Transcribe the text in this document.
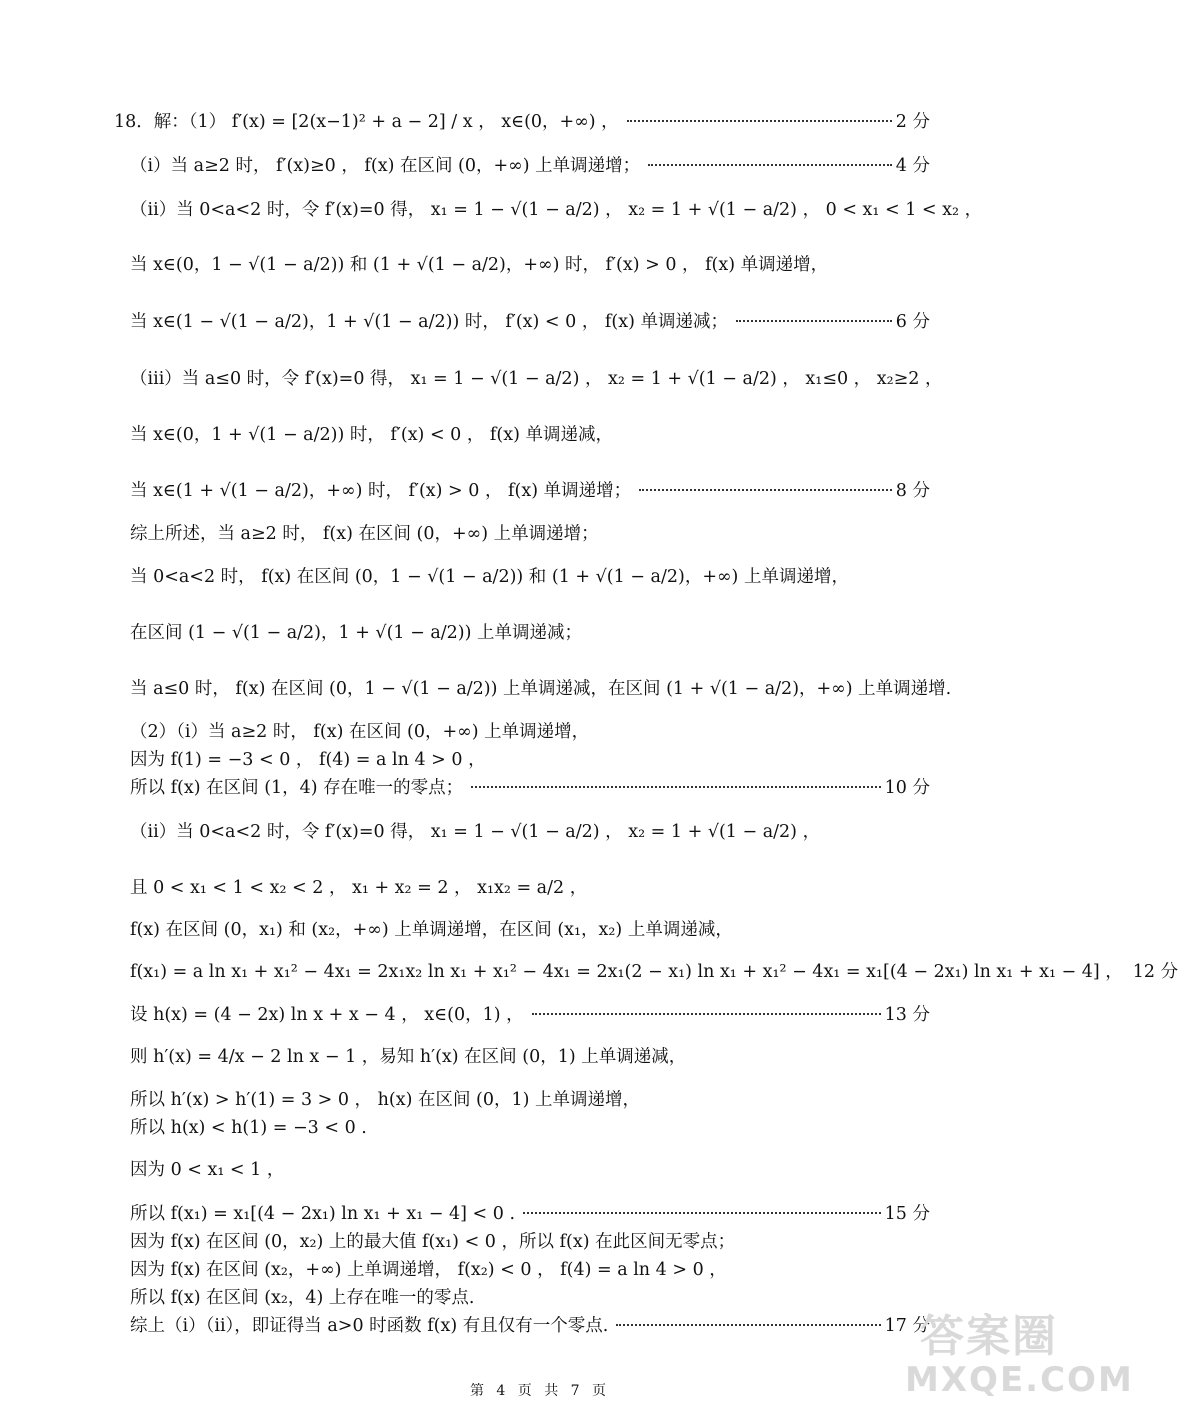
18．解：（1） f′(x) = [2(x−1)² + a − 2] / x ， x∈(0，+∞) ，	2 分
（i）当 a≥2 时， f′(x)≥0 ， f(x) 在区间 (0，+∞) 上单调递增；	4 分
（ii）当 0<a<2 时，令 f′(x)=0 得， x₁ = 1 − √(1 − a/2) ， x₂ = 1 + √(1 − a/2) ， 0 < x₁ < 1 < x₂ ，
当 x∈(0，1 − √(1 − a/2)) 和 (1 + √(1 − a/2)，+∞) 时， f′(x) > 0 ， f(x) 单调递增，
当 x∈(1 − √(1 − a/2)，1 + √(1 − a/2)) 时， f′(x) < 0 ， f(x) 单调递减；	6 分
（iii）当 a≤0 时，令 f′(x)=0 得， x₁ = 1 − √(1 − a/2) ， x₂ = 1 + √(1 − a/2) ， x₁≤0 ， x₂≥2 ，
当 x∈(0，1 + √(1 − a/2)) 时， f′(x) < 0 ， f(x) 单调递减，
当 x∈(1 + √(1 − a/2)，+∞) 时， f′(x) > 0 ， f(x) 单调递增；	8 分
综上所述，当 a≥2 时， f(x) 在区间 (0，+∞) 上单调递增；
当 0<a<2 时， f(x) 在区间 (0，1 − √(1 − a/2)) 和 (1 + √(1 − a/2)，+∞) 上单调递增，
在区间 (1 − √(1 − a/2)，1 + √(1 − a/2)) 上单调递减；
当 a≤0 时， f(x) 在区间 (0，1 − √(1 − a/2)) 上单调递减，在区间 (1 + √(1 − a/2)，+∞) 上单调递增.
（2）（i）当 a≥2 时， f(x) 在区间 (0，+∞) 上单调递增，
因为 f(1) = −3 < 0 ， f(4) = a ln 4 > 0 ，
所以 f(x) 在区间 (1，4) 存在唯一的零点；	10 分
（ii）当 0<a<2 时，令 f′(x)=0 得， x₁ = 1 − √(1 − a/2) ， x₂ = 1 + √(1 − a/2) ，
且 0 < x₁ < 1 < x₂ < 2 ， x₁ + x₂ = 2 ， x₁x₂ = a/2 ，
f(x) 在区间 (0，x₁) 和 (x₂，+∞) 上单调递增，在区间 (x₁，x₂) 上单调递减，
f(x₁) = a ln x₁ + x₁² − 4x₁ = 2x₁x₂ ln x₁ + x₁² − 4x₁ = 2x₁(2 − x₁) ln x₁ + x₁² − 4x₁ = x₁[(4 − 2x₁) ln x₁ + x₁ − 4] ， 12 分
设 h(x) = (4 − 2x) ln x + x − 4 ， x∈(0，1) ，	13 分
则 h′(x) = 4/x − 2 ln x − 1 ，易知 h′(x) 在区间 (0，1) 上单调递减，
所以 h′(x) > h′(1) = 3 > 0 ， h(x) 在区间 (0，1) 上单调递增，
所以 h(x) < h(1) = −3 < 0 .
因为 0 < x₁ < 1 ，
所以 f(x₁) = x₁[(4 − 2x₁) ln x₁ + x₁ − 4] < 0 .	15 分
因为 f(x) 在区间 (0，x₂) 上的最大值 f(x₁) < 0 ，所以 f(x) 在此区间无零点；
因为 f(x) 在区间 (x₂，+∞) 上单调递增， f(x₂) < 0 ， f(4) = a ln 4 > 0 ，
所以 f(x) 在区间 (x₂，4) 上存在唯一的零点.
综上（i）（ii），即证得当 a>0 时函数 f(x) 有且仅有一个零点.	17 分
答案圈
MXQE.COM
第 4 页 共 7 页
